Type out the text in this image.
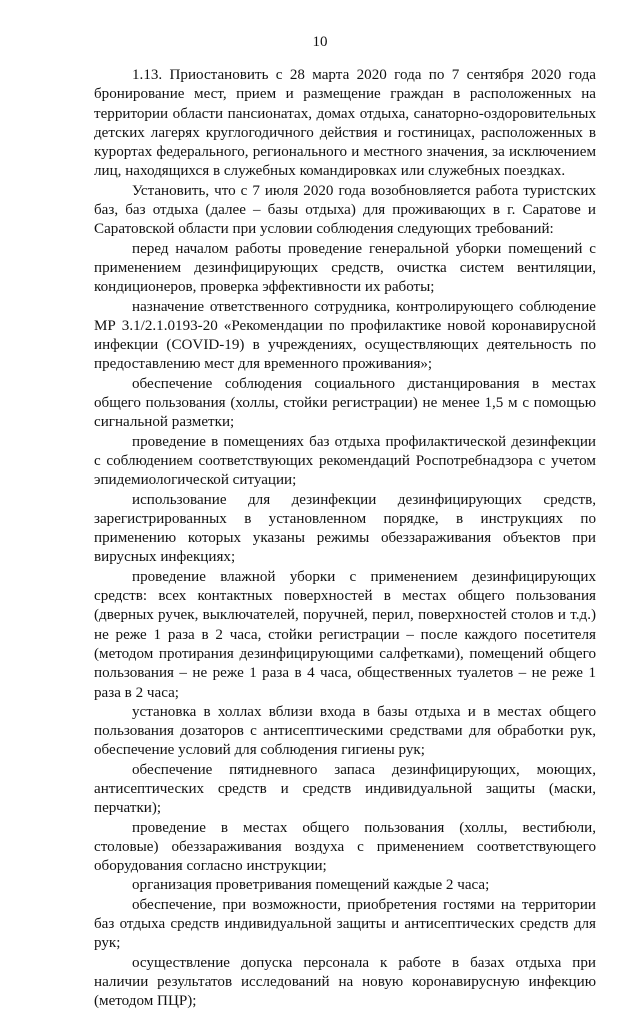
10

1.13. Приостановить с 28 марта 2020 года по 7 сентября 2020 года бронирование мест, прием и размещение граждан в расположенных на территории области пансионатах, домах отдыха, санаторно-оздоровительных детских лагерях круглогодичного действия и гостиницах, расположенных в курортах федерального, регионального и местного значения, за исключением лиц, находящихся в служебных командировках или служебных поездках.

Установить, что с 7 июля 2020 года возобновляется работа туристских баз, баз отдыха (далее – базы отдыха) для проживающих в г. Саратове и Саратовской области при условии соблюдения следующих требований:

перед началом работы проведение генеральной уборки помещений с применением дезинфицирующих средств, очистка систем вентиляции, кондиционеров, проверка эффективности их работы;

назначение ответственного сотрудника, контролирующего соблюдение МР 3.1/2.1.0193-20 «Рекомендации по профилактике новой коронавирусной инфекции (COVID-19) в учреждениях, осуществляющих деятельность по предоставлению мест для временного проживания»;

обеспечение соблюдения социального дистанцирования в местах общего пользования (холлы, стойки регистрации) не менее 1,5 м с помощью сигнальной разметки;

проведение в помещениях баз отдыха профилактической дезинфекции с соблюдением соответствующих рекомендаций Роспотребнадзора с учетом эпидемиологической ситуации;

использование для дезинфекции дезинфицирующих средств, зарегистрированных в установленном порядке, в инструкциях по применению которых указаны режимы обеззараживания объектов при вирусных инфекциях;

проведение влажной уборки с применением дезинфицирующих средств: всех контактных поверхностей в местах общего пользования (дверных ручек, выключателей, поручней, перил, поверхностей столов и т.д.) не реже 1 раза в 2 часа, стойки регистрации – после каждого посетителя (методом протирания дезинфицирующими салфетками), помещений общего пользования – не реже 1 раза в 4 часа, общественных туалетов – не реже 1 раза в 2 часа;

установка в холлах вблизи входа в базы отдыха и в местах общего пользования дозаторов с антисептическими средствами для обработки рук, обеспечение условий для соблюдения гигиены рук;

обеспечение пятидневного запаса дезинфицирующих, моющих, антисептических средств и средств индивидуальной защиты (маски, перчатки);

проведение в местах общего пользования (холлы, вестибюли, столовые) обеззараживания воздуха с применением соответствующего оборудования согласно инструкции;

организация проветривания помещений каждые 2 часа;

обеспечение, при возможности, приобретения гостями на территории баз отдыха средств индивидуальной защиты и антисептических средств для рук;

осуществление допуска персонала к работе в базах отдыха при наличии результатов исследований на новую коронавирусную инфекцию (методом ПЦР);
